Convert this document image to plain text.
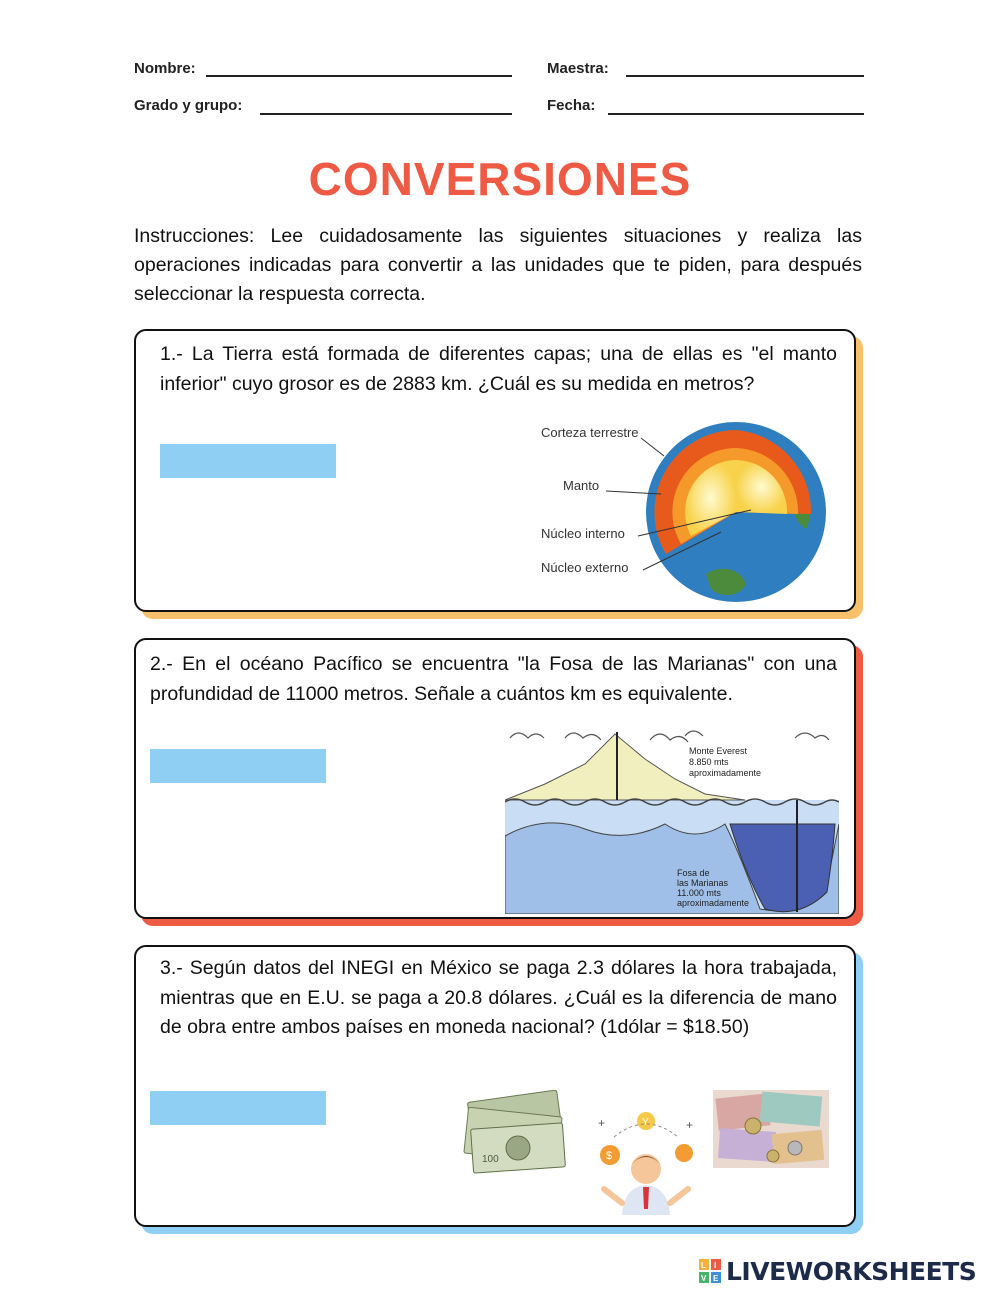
Nombre:	Maestra:
Grado y grupo:	Fecha:
CONVERSIONES
Instrucciones: Lee cuidadosamente las siguientes situaciones y realiza las operaciones indicadas para convertir a las unidades que te piden, para después seleccionar la respuesta correcta.
1.- La Tierra está formada de diferentes capas; una de ellas es "el manto inferior" cuyo grosor es de 2883 km. ¿Cuál es su medida en metros?
Corteza terrestre
Manto
Núcleo interno
Núcleo externo
2.- En el océano Pacífico se encuentra "la Fosa de las Marianas" con una profundidad de 11000 metros. Señale a cuántos km es equivalente.
Monte Everest
8.850 mts
aproximadamente
Fosa de
las Marianas
11.000 mts
aproximadamente
3.- Según datos del INEGI en México se paga 2.3 dólares la hora trabajada, mientras que en E.U. se paga a 20.8 dólares. ¿Cuál es la diferencia de mano de obra entre ambos países en moneda nacional? (1dólar = $18.50)
100
Y
$
+	+
L I
V E LIVEWORKSHEETS
